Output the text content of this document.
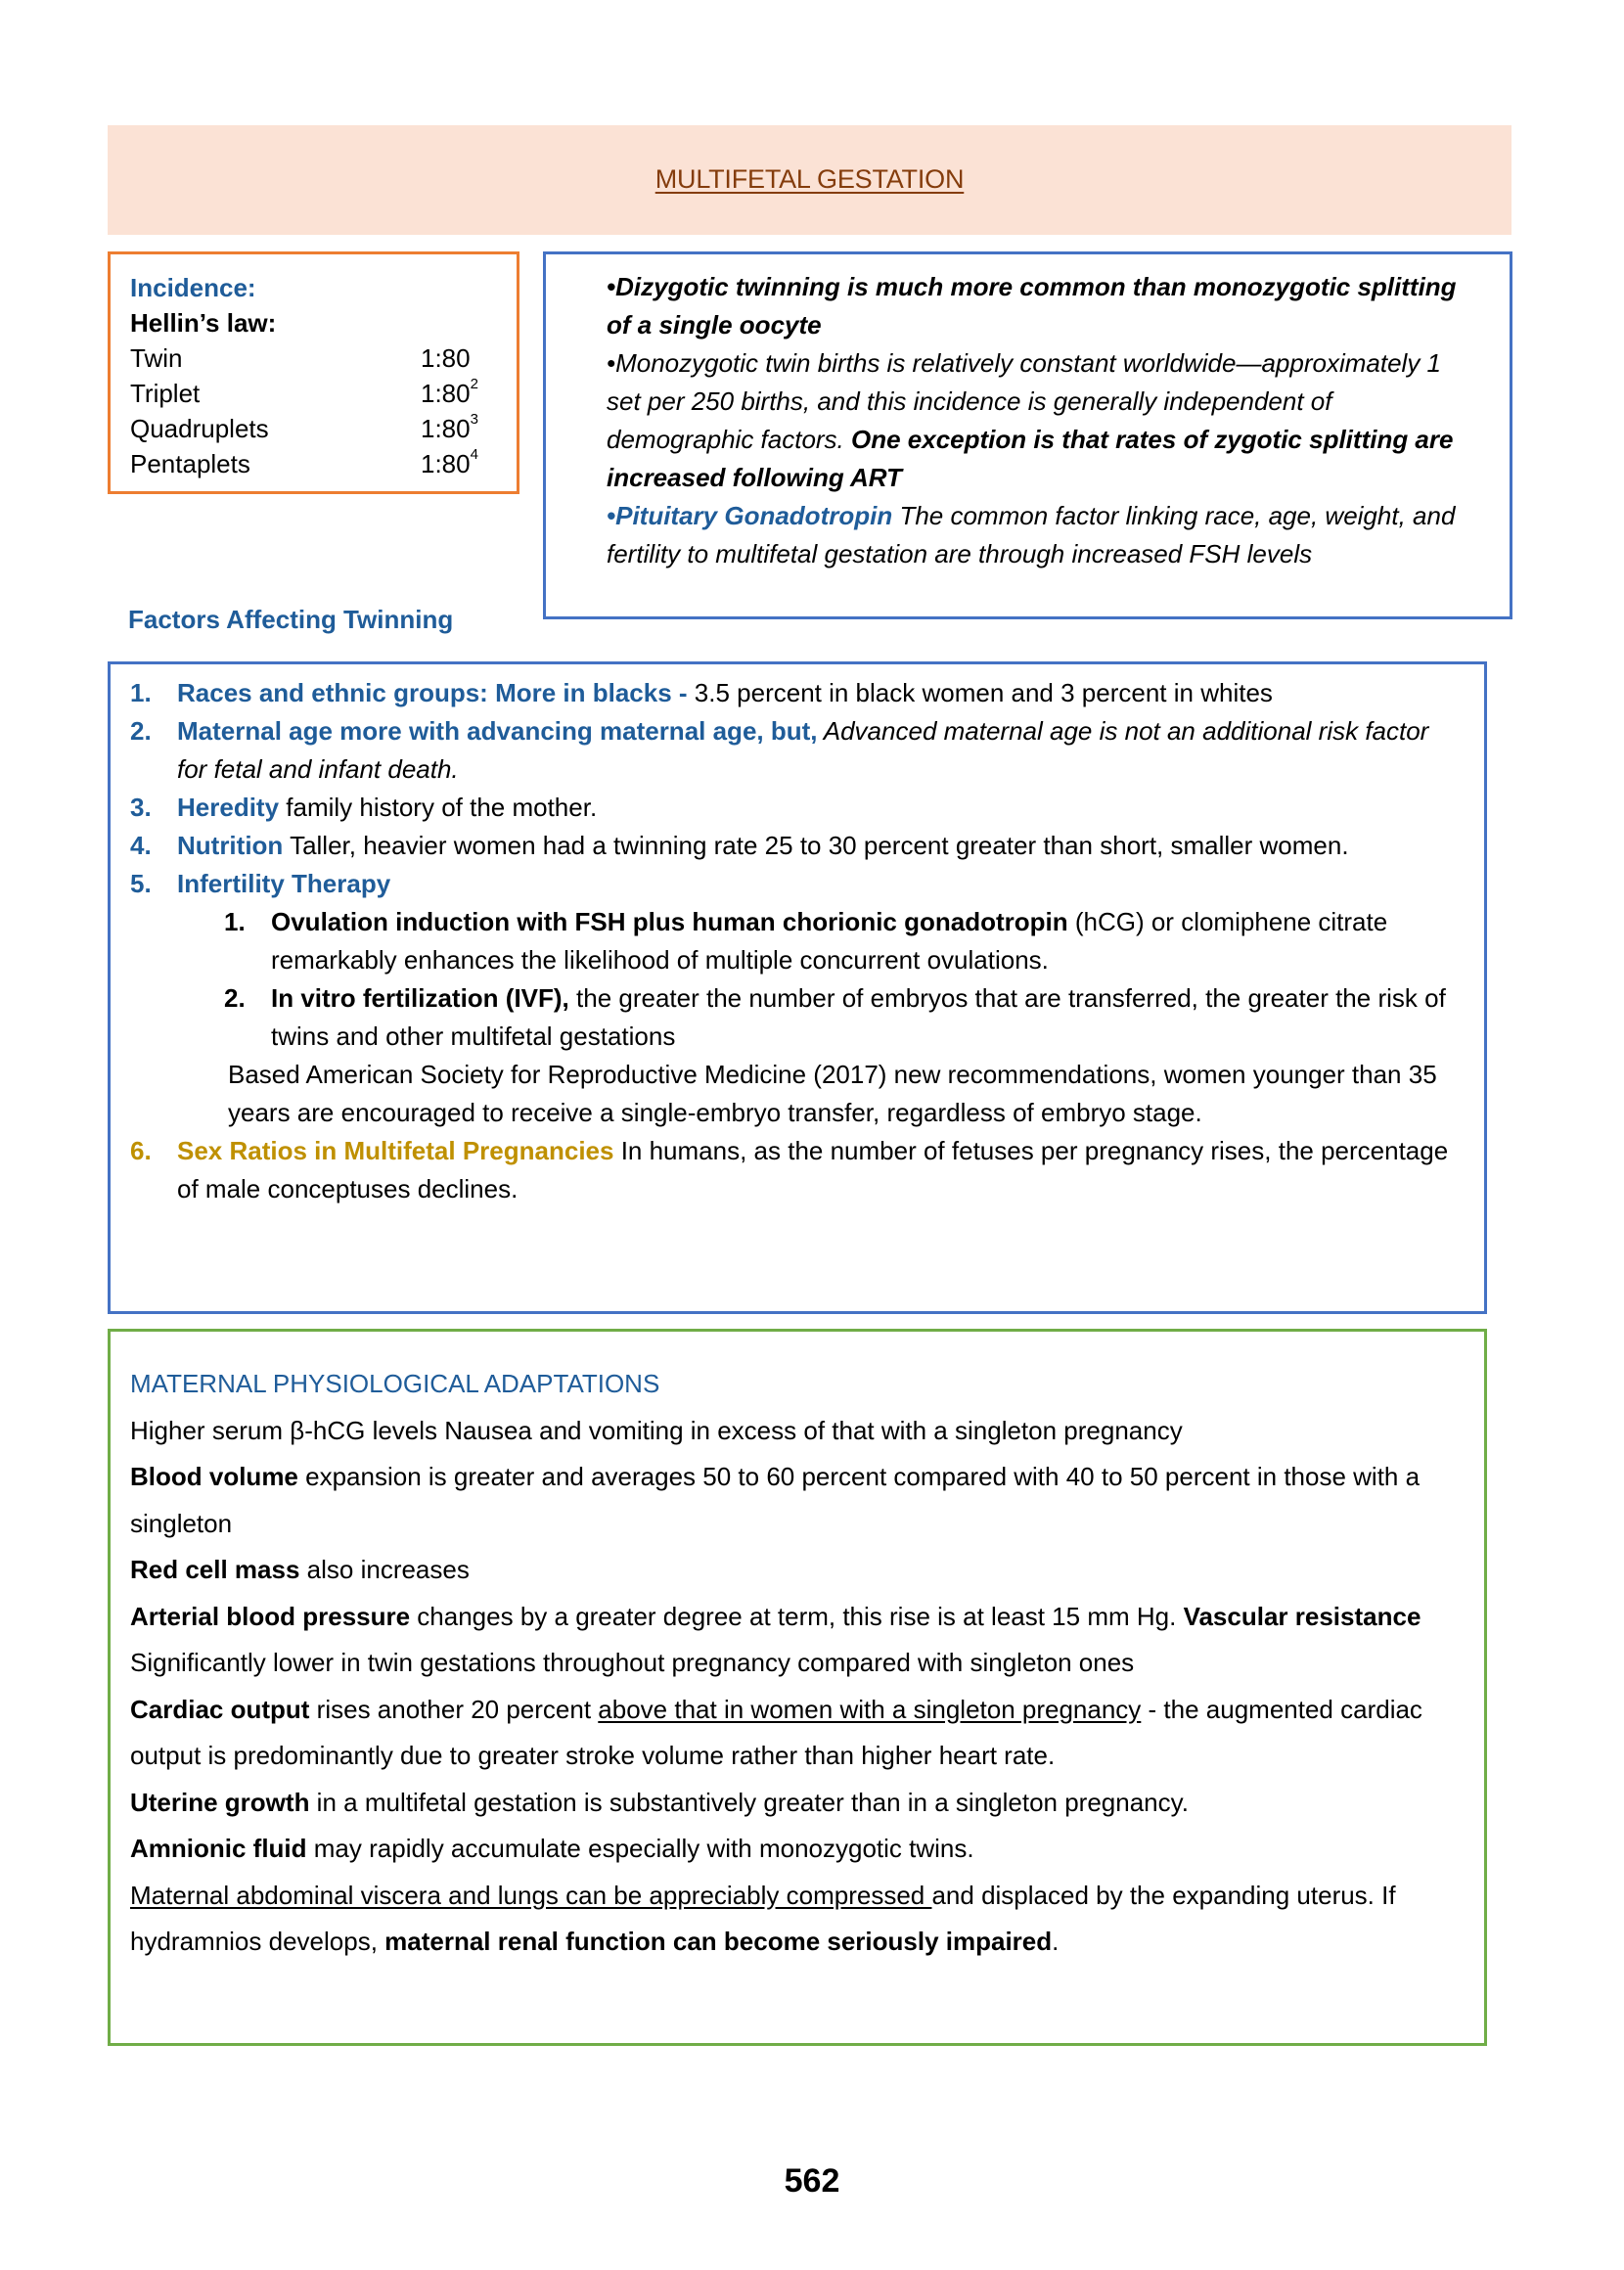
MULTIFETAL GESTATION
Incidence:
Hellin’s law:
Twin	1:80
Triplet	$1:80^2$
Quadruplets	$1:80^3$
Pentaplets	$1:80^4$
•Dizygotic twinning is much more common than monozygotic splitting of a single oocyte
•Monozygotic twin births is relatively constant worldwide—approximately 1 set per 250 births, and this incidence is generally independent of demographic factors. One exception is that rates of zygotic splitting are increased following ART
•Pituitary Gonadotropin The common factor linking race, age, weight, and fertility to multifetal gestation are through increased FSH levels
Factors Affecting Twinning
1.	Races and ethnic groups: More in blacks - 3.5 percent in black women and 3 percent in whites
2.	Maternal age more with advancing maternal age, but, Advanced maternal age is not an additional risk factor for fetal and infant death.
3.	Heredity family history of the mother.
4.	Nutrition Taller, heavier women had a twinning rate 25 to 30 percent greater than short, smaller women.
5.	Infertility Therapy
1.	Ovulation induction with FSH plus human chorionic gonadotropin (hCG) or clomiphene citrate remarkably enhances the likelihood of multiple concurrent ovulations.
2.	In vitro fertilization (IVF), the greater the number of embryos that are transferred, the greater the risk of twins and other multifetal gestations
Based American Society for Reproductive Medicine (2017) new recommendations, women younger than 35 years are encouraged to receive a single-embryo transfer, regardless of embryo stage.
6.	Sex Ratios in Multifetal Pregnancies In humans, as the number of fetuses per pregnancy rises, the percentage of male conceptuses declines.
MATERNAL PHYSIOLOGICAL ADAPTATIONS
Higher serum β-hCG levels Nausea and vomiting in excess of that with a singleton pregnancy
Blood volume expansion is greater and averages 50 to 60 percent compared with 40 to 50 percent in those with a singleton
Red cell mass also increases
Arterial blood pressure changes by a greater degree at term, this rise is at least 15 mm Hg. Vascular resistance Significantly lower in twin gestations throughout pregnancy compared with singleton ones
Cardiac output rises another 20 percent above that in women with a singleton pregnancy - the augmented cardiac output is predominantly due to greater stroke volume rather than higher heart rate.
Uterine growth in a multifetal gestation is substantively greater than in a singleton pregnancy.
Amnionic fluid may rapidly accumulate especially with monozygotic twins.
Maternal abdominal viscera and lungs can be appreciably compressed and displaced by the expanding uterus. If hydramnios develops, maternal renal function can become seriously impaired.
562
